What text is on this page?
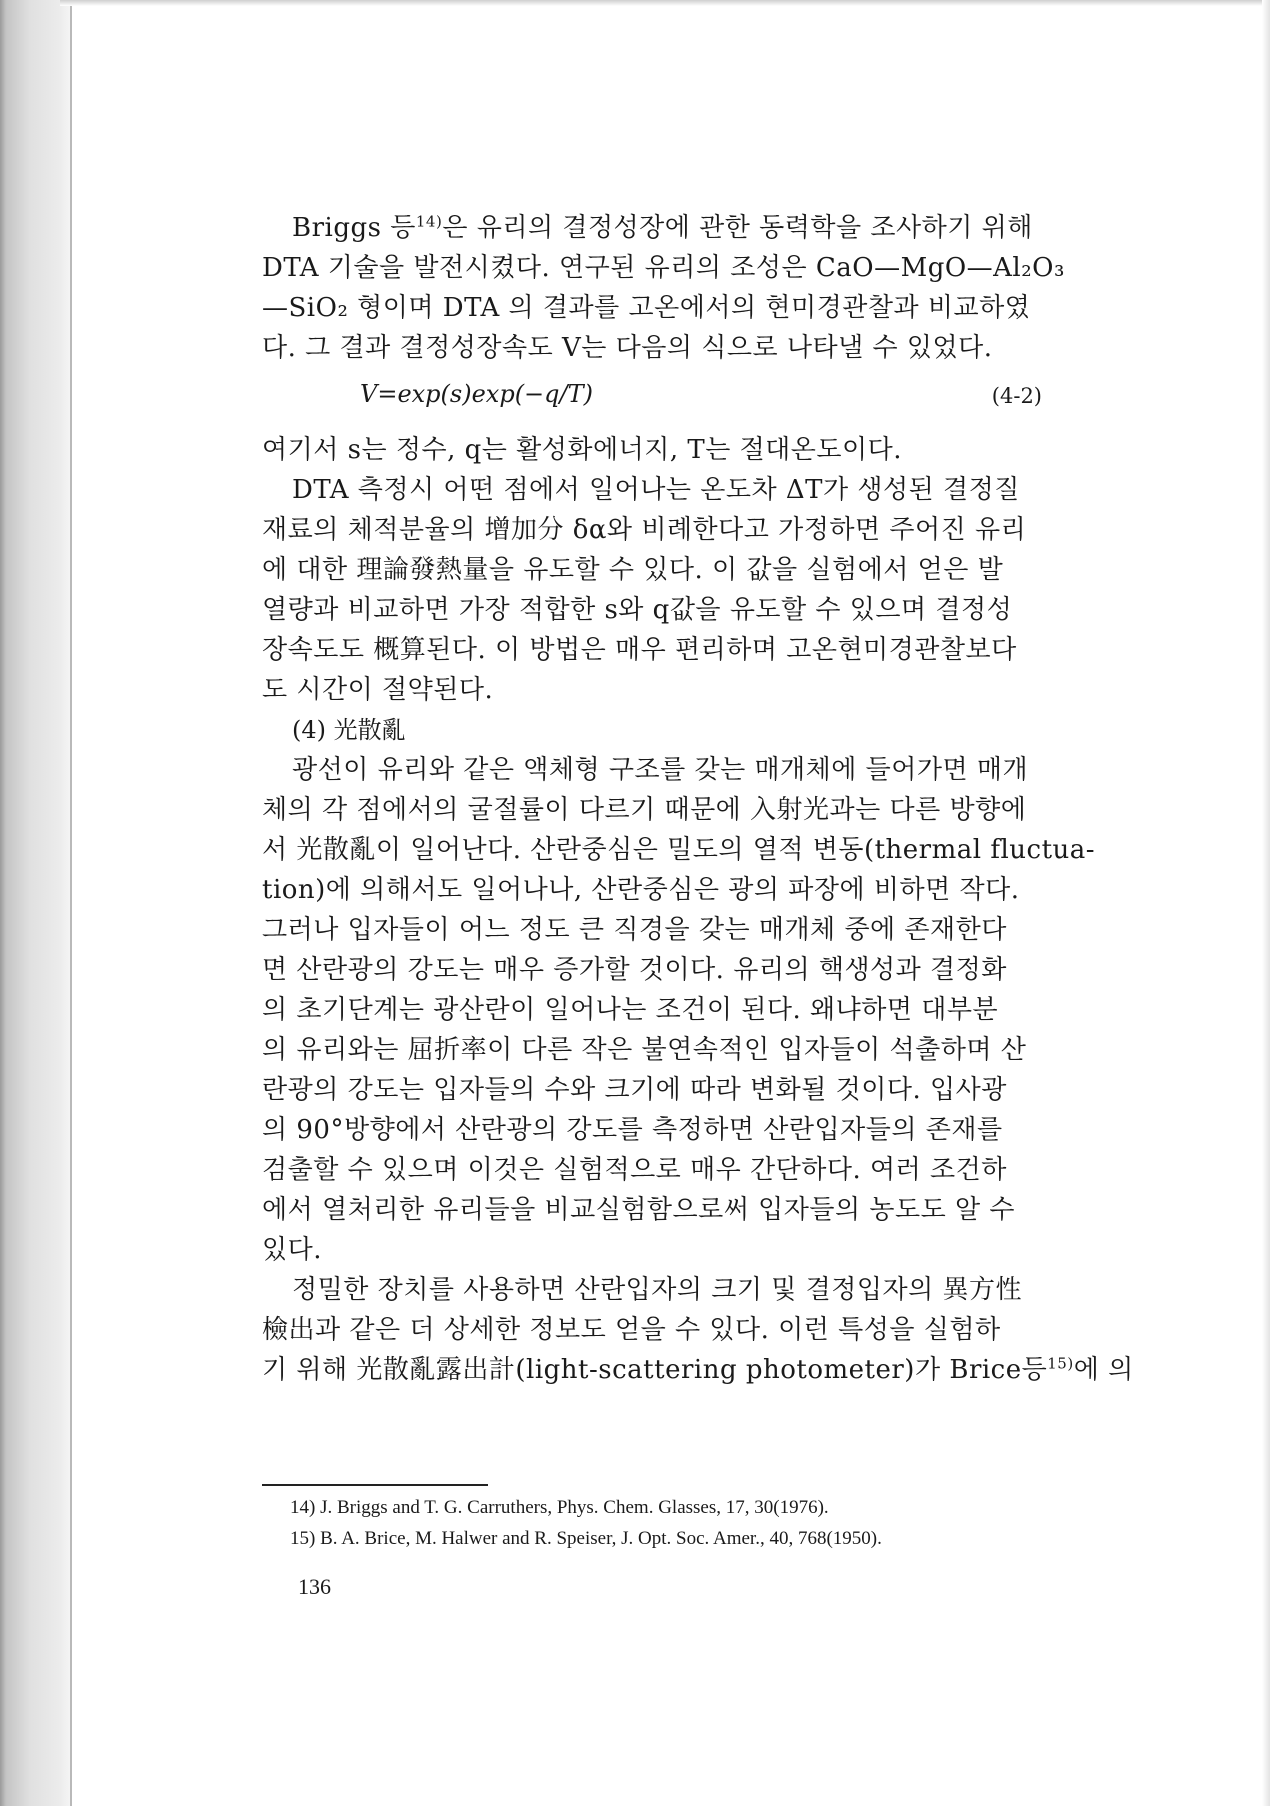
Briggs 등$^{14)}$은 유리의 결정성장에 관한 동력학을 조사하기 위해
DTA 기술을 발전시켰다. 연구된 유리의 조성은 CaO—MgO—Al₂O₃
—SiO₂ 형이며 DTA 의 결과를 고온에서의 현미경관찰과 비교하였
다. 그 결과 결정성장속도 V는 다음의 식으로 나타낼 수 있었다.
V=exp(s)exp(−q/T)	(4-2)
여기서 s는 정수, q는 활성화에너지, T는 절대온도이다.
DTA 측정시 어떤 점에서 일어나는 온도차 ΔT가 생성된 결정질
재료의 체적분율의 增加分 δα와 비례한다고 가정하면 주어진 유리
에 대한 理論發熱量을 유도할 수 있다. 이 값을 실험에서 얻은 발
열량과 비교하면 가장 적합한 s와 q값을 유도할 수 있으며 결정성
장속도도 概算된다. 이 방법은 매우 편리하며 고온현미경관찰보다
도 시간이 절약된다.
(4) 光散亂
광선이 유리와 같은 액체형 구조를 갖는 매개체에 들어가면 매개
체의 각 점에서의 굴절률이 다르기 때문에 入射光과는 다른 방향에
서 光散亂이 일어난다. 산란중심은 밀도의 열적 변동(thermal fluctua-
tion)에 의해서도 일어나나, 산란중심은 광의 파장에 비하면 작다.
그러나 입자들이 어느 정도 큰 직경을 갖는 매개체 중에 존재한다
면 산란광의 강도는 매우 증가할 것이다. 유리의 핵생성과 결정화
의 초기단계는 광산란이 일어나는 조건이 된다. 왜냐하면 대부분
의 유리와는 屈折率이 다른 작은 불연속적인 입자들이 석출하며 산
란광의 강도는 입자들의 수와 크기에 따라 변화될 것이다. 입사광
의 90°방향에서 산란광의 강도를 측정하면 산란입자들의 존재를
검출할 수 있으며 이것은 실험적으로 매우 간단하다. 여러 조건하
에서 열처리한 유리들을 비교실험함으로써 입자들의 농도도 알 수
있다.
정밀한 장치를 사용하면 산란입자의 크기 및 결정입자의 異方性
檢出과 같은 더 상세한 정보도 얻을 수 있다. 이런 특성을 실험하
기 위해 光散亂露出計(light-scattering photometer)가 Brice등$^{15)}$에 의
14) J. Briggs and T. G. Carruthers, Phys. Chem. Glasses, 17, 30(1976).
15) B. A. Brice, M. Halwer and R. Speiser, J. Opt. Soc. Amer., 40, 768(1950).
136
